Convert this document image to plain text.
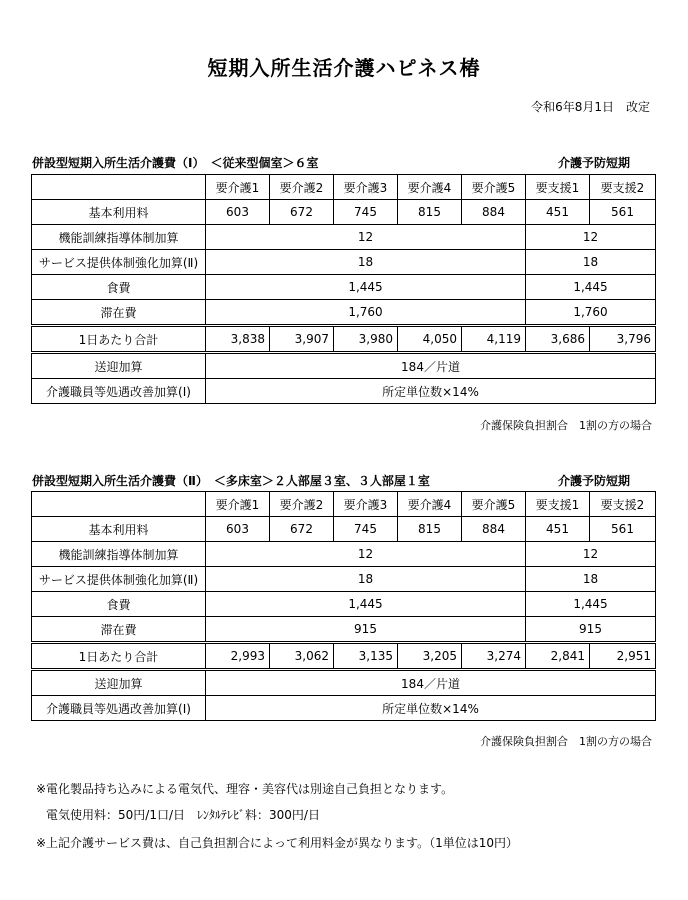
短期入所生活介護ハピネス椿
令和6年8月1日　改定
併設型短期入所生活介護費（Ⅰ）　＜従来型個室＞６室	介護予防短期
	要介護1	要介護2	要介護3	要介護4	要介護5	要支援1	要支援2
基本利用料	603	672	745	815	884	451	561
機能訓練指導体制加算	12					12	
サービス提供体制強化加算(Ⅱ)	18					18	
食費	1,445					1,445	
滞在費	1,760					1,760	
1日あたり合計	3,838	3,907	3,980	4,050	4,119	3,686	3,796
送迎加算	184／片道						
介護職員等処遇改善加算(Ⅰ)	所定単位数×14%						
介護保険負担割合　1割の方の場合
併設型短期入所生活介護費（Ⅱ）　＜多床室＞２人部屋３室、３人部屋１室	介護予防短期
	要介護1	要介護2	要介護3	要介護4	要介護5	要支援1	要支援2
基本利用料	603	672	745	815	884	451	561
機能訓練指導体制加算	12					12	
サービス提供体制強化加算(Ⅱ)	18					18	
食費	1,445					1,445	
滞在費	915					915	
1日あたり合計	2,993	3,062	3,135	3,205	3,274	2,841	2,951
送迎加算	184／片道						
介護職員等処遇改善加算(Ⅰ)	所定単位数×14%						
介護保険負担割合　1割の方の場合
※電化製品持ち込みによる電気代、理容・美容代は別途自己負担となります。
電気使用料：50円/1口/日　ﾚﾝﾀﾙﾃﾚﾋﾞ料：300円/日
※上記介護サービス費は、自己負担割合によって利用料金が異なります。（1単位は10円）
